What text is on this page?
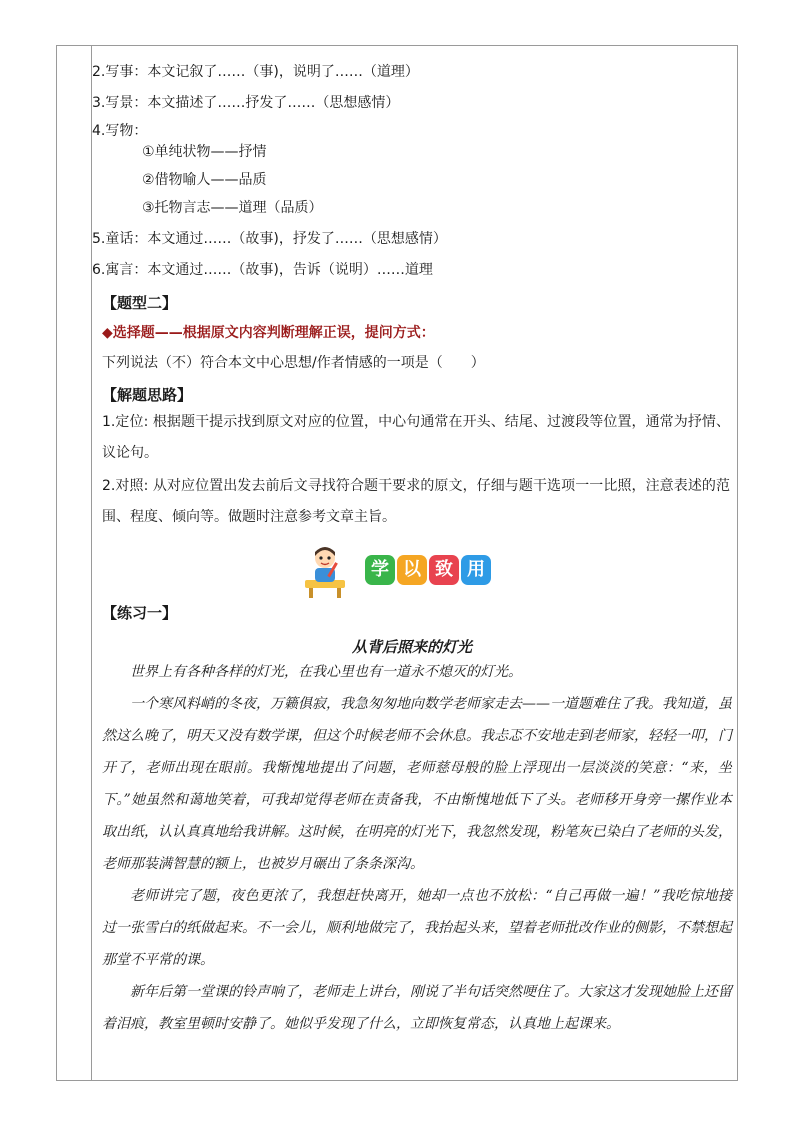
2.写事：本文记叙了……（事)，说明了……（道理）
3.写景：本文描述了……抒发了……（思想感情）
4.写物：
①单纯状物——抒情
②借物喻人——品质
③托物言志——道理（品质）
5.童话：本文通过……（故事)，抒发了……（思想感情）
6.寓言：本文通过……（故事)，告诉（说明）……道理
【题型二】
◆选择题——根据原文内容判断理解正误，提问方式：
下列说法（不）符合本文中心思想/作者情感的一项是（　　）
【解题思路】
1.定位: 根据题干提示找到原文对应的位置，中心句通常在开头、结尾、过渡段等位置，通常为抒情、议论句。
2.对照: 从对应位置出发去前后文寻找符合题干要求的原文，仔细与题干选项一一比照，注意表述的范围、程度、倾向等。做题时注意参考文章主旨。
学 以 致 用
【练习一】
从背后照来的灯光

世界上有各种各样的灯光，在我心里也有一道永不熄灭的灯光。

一个寒风料峭的冬夜，万籁俱寂，我急匆匆地向数学老师家走去——一道题难住了我。我知道，虽然这么晚了，明天又没有数学课，但这个时候老师不会休息。我忐忑不安地走到老师家，轻轻一叩，门开了，老师出现在眼前。我惭愧地提出了问题，老师慈母般的脸上浮现出一层淡淡的笑意：“来，坐下。”她虽然和蔼地笑着，可我却觉得老师在责备我，不由惭愧地低下了头。老师移开身旁一摞作业本取出纸，认认真真地给我讲解。这时候，在明亮的灯光下，我忽然发现，粉笔灰已染白了老师的头发，老师那装满智慧的额上，也被岁月碾出了条条深沟。

老师讲完了题，夜色更浓了，我想赶快离开，她却一点也不放松：“自己再做一遍！”我吃惊地接过一张雪白的纸做起来。不一会儿，顺利地做完了，我抬起头来，望着老师批改作业的侧影，不禁想起那堂不平常的课。

新年后第一堂课的铃声响了，老师走上讲台，刚说了半句话突然哽住了。大家这才发现她脸上还留着泪痕，教室里顿时安静了。她似乎发现了什么，立即恢复常态，认真地上起课来。
